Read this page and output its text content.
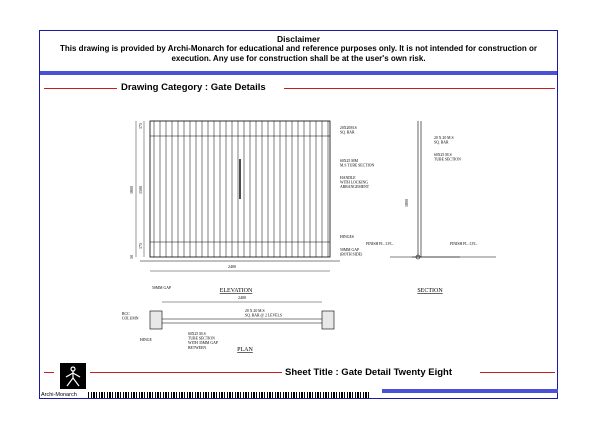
Disclaimer
This drawing is provided by Archi-Monarch for educational and reference purposes only. It is not intended for construction or execution. Any use for construction shall be at the user's own risk.
Drawing Category : Gate Details
2400
1800 1500
175
175
50
20X20M.S SQ. BAR
60X25 MM M.S TUBE SECTION
HANDLE WITH LOCKING ARRANGEMENT
HINGES
50MM GAP (BOTH SIDE)
FINISH FL. LVL.
50MM GAP	ELEVATION
20 X 20 M.S SQ. BAR
60X25 M.S TUBE SECTION
FINISH FL. LVL.
1800
SECTION
2400
RCC COLUMN
20 X 20 M.S SQ. BAR @ 2 LEVELS
60X25 M.S TUBE SECTION WITH 35MM GAP BETWEEN
HINGE
PLAN
Sheet Title : Gate Detail Twenty Eight
Archi-Monarch
